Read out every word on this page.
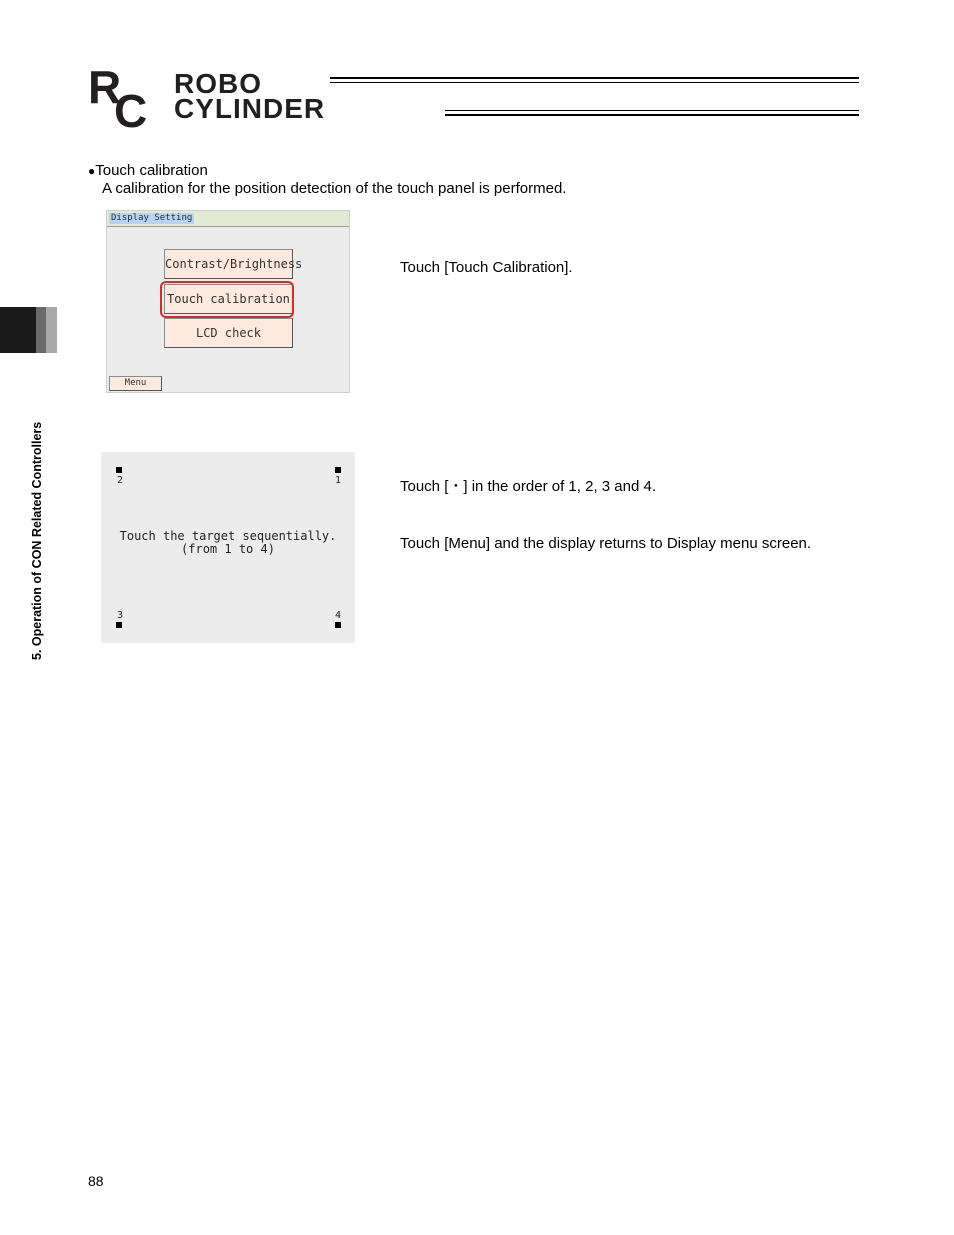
R
C
ROBO
CYLINDER
5. Operation of CON Related Controllers
●Touch calibration
A calibration for the position detection of the touch panel is performed.
Display Setting
Contrast/Brightness
Touch calibration
LCD check
Menu
Touch [Touch Calibration].
2	1
3	4
Touch the target sequentially.
(from 1 to 4)
Touch [・] in the order of 1, 2, 3 and 4.
Touch [Menu] and the display returns to Display menu screen.
88
